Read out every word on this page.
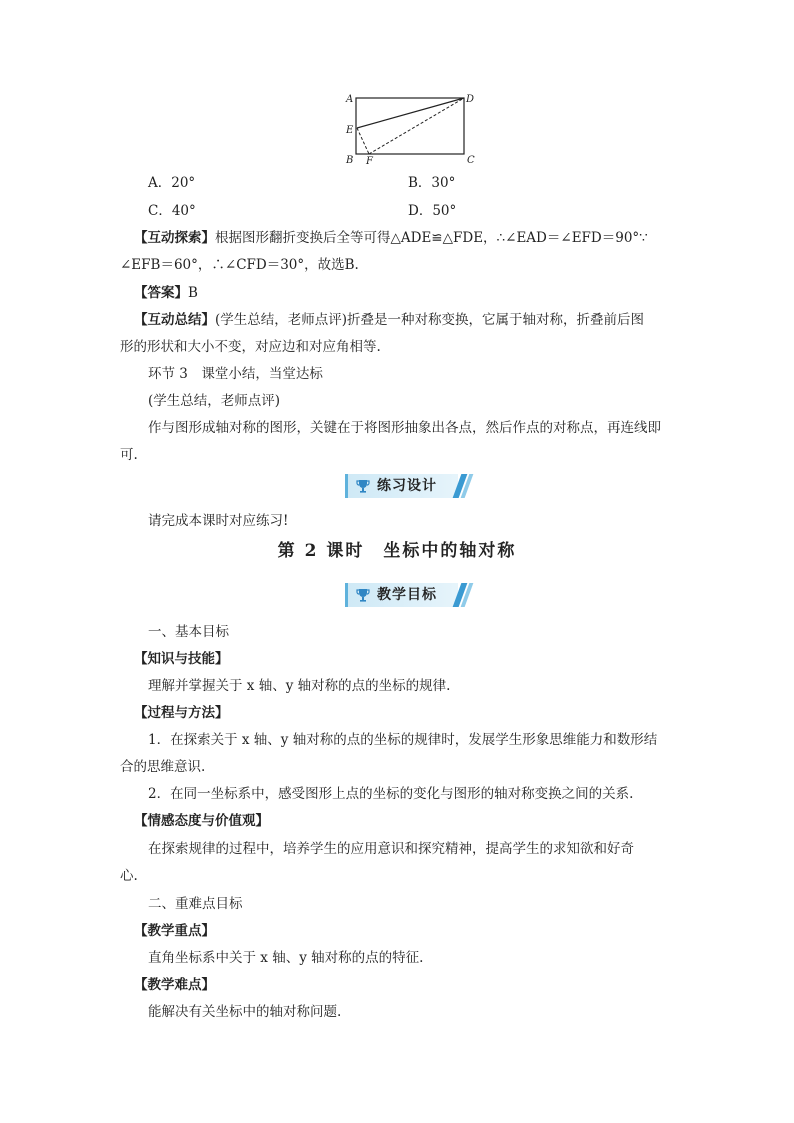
A	D
E
B F	C
A．20°	B．30°
C．40°	D．50°
【互动探索】根据图形翻折变换后全等可得△ADE≌△FDE，∴∠EAD＝∠EFD＝90°∵
∠EFB＝60°，∴∠CFD＝30°，故选B.
【答案】B
【互动总结】(学生总结，老师点评)折叠是一种对称变换，它属于轴对称，折叠前后图
形的形状和大小不变，对应边和对应角相等.
环节 3　课堂小结，当堂达标
(学生总结，老师点评)
作与图形成轴对称的图形，关键在于将图形抽象出各点，然后作点的对称点，再连线即
可.
练习设计
请完成本课时对应练习!
第 2 课时　坐标中的轴对称
教学目标
一、基本目标
【知识与技能】
理解并掌握关于 x 轴、y 轴对称的点的坐标的规律.
【过程与方法】
1．在探索关于 x 轴、y 轴对称的点的坐标的规律时，发展学生形象思维能力和数形结
合的思维意识.
2．在同一坐标系中，感受图形上点的坐标的变化与图形的轴对称变换之间的关系.
【情感态度与价值观】
在探索规律的过程中，培养学生的应用意识和探究精神，提高学生的求知欲和好奇
心.
二、重难点目标
【教学重点】
直角坐标系中关于 x 轴、y 轴对称的点的特征.
【教学难点】
能解决有关坐标中的轴对称问题.
